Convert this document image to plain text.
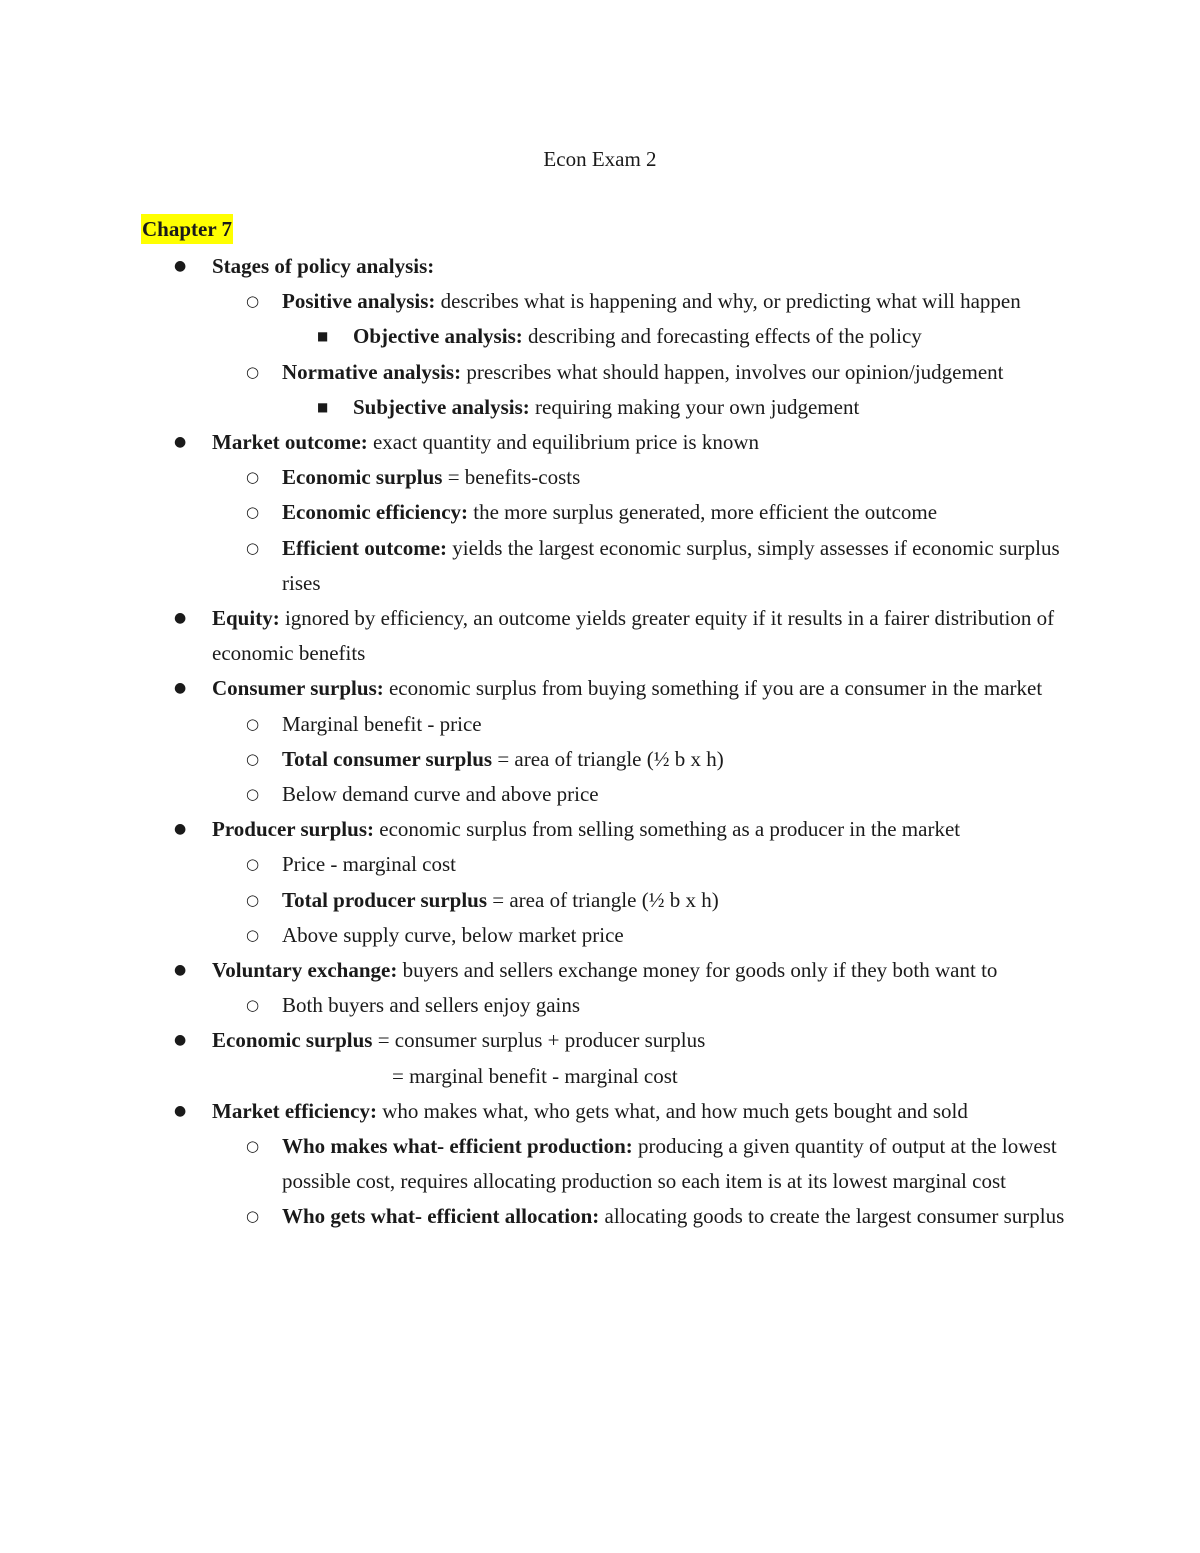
Econ Exam 2
Chapter 7
● Stages of policy analysis:
○ Positive analysis: describes what is happening and why, or predicting what will happen
■ Objective analysis: describing and forecasting effects of the policy
○ Normative analysis: prescribes what should happen, involves our opinion/judgement
■ Subjective analysis: requiring making your own judgement
● Market outcome: exact quantity and equilibrium price is known
○ Economic surplus = benefits-costs
○ Economic efficiency: the more surplus generated, more efficient the outcome
○ Efficient outcome: yields the largest economic surplus, simply assesses if economic surplus rises
● Equity: ignored by efficiency, an outcome yields greater equity if it results in a fairer distribution of economic benefits
● Consumer surplus: economic surplus from buying something if you are a consumer in the market
○ Marginal benefit - price
○ Total consumer surplus = area of triangle (½ b x h)
○ Below demand curve and above price
● Producer surplus: economic surplus from selling something as a producer in the market
○ Price - marginal cost
○ Total producer surplus = area of triangle (½ b x h)
○ Above supply curve, below market price
● Voluntary exchange: buyers and sellers exchange money for goods only if they both want to
○ Both buyers and sellers enjoy gains
● Economic surplus = consumer surplus + producer surplus
= marginal benefit - marginal cost
● Market efficiency: who makes what, who gets what, and how much gets bought and sold
○ Who makes what- efficient production: producing a given quantity of output at the lowest possible cost, requires allocating production so each item is at its lowest marginal cost
○ Who gets what- efficient allocation: allocating goods to create the largest consumer surplus
